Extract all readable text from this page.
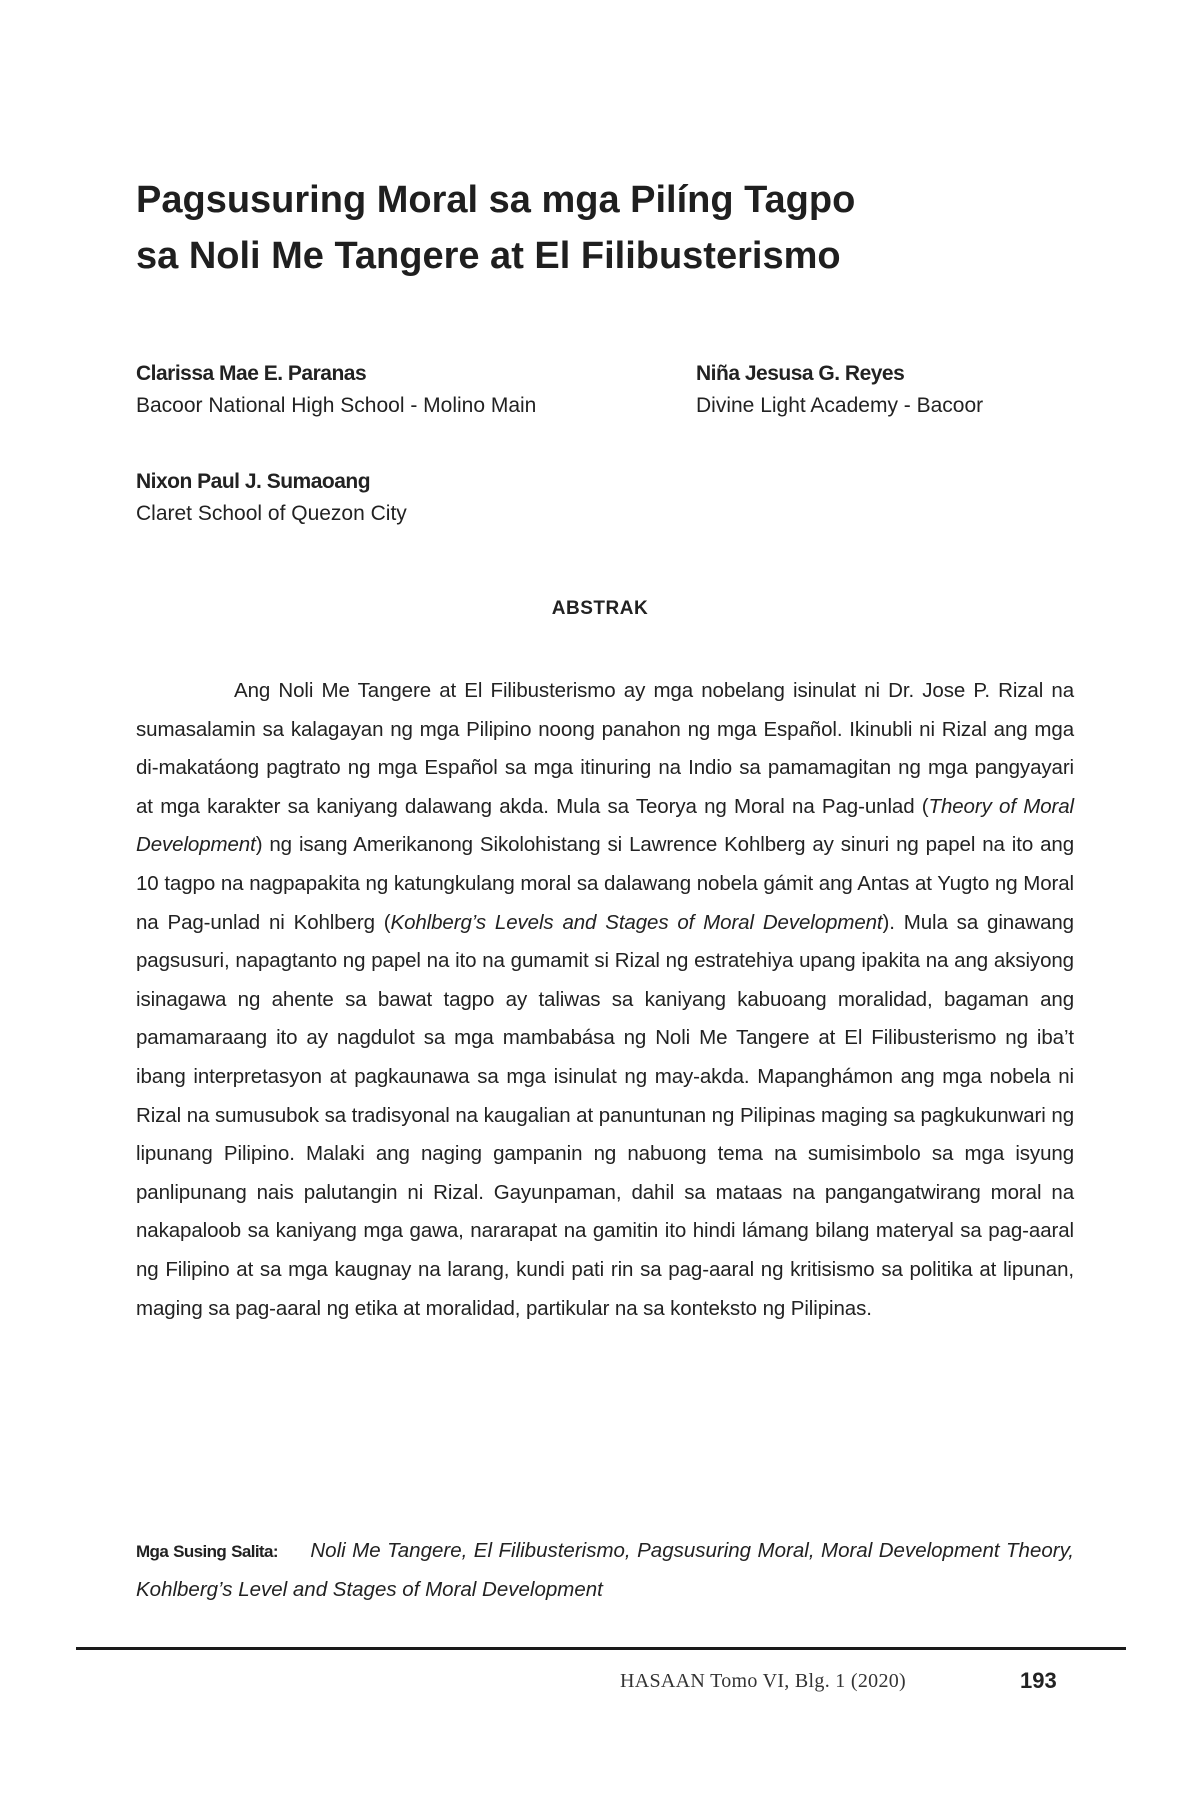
Pagsusuring Moral sa mga Pilíng Tagpo
sa Noli Me Tangere at El Filibusterismo
Clarissa Mae E. Paranas
Bacoor National High School - Molino Main
Niña Jesusa G. Reyes
Divine Light Academy - Bacoor
Nixon Paul J. Sumaoang
Claret School of Quezon City
ABSTRAK

Ang Noli Me Tangere at El Filibusterismo ay mga nobelang isinulat ni Dr. Jose P. Rizal na sumasalamin sa kalagayan ng mga Pilipino noong panahon ng mga Español. Ikinubli ni Rizal ang mga di-makatáong pagtrato ng mga Español sa mga itinuring na Indio sa pamamagitan ng mga pangyayari at mga karakter sa kaniyang dalawang akda. Mula sa Teorya ng Moral na Pag-unlad (Theory of Moral Development) ng isang Amerikanong Sikolohistang si Lawrence Kohlberg ay sinuri ng papel na ito ang 10 tagpo na nagpapakita ng katungkulang moral sa dalawang nobela gámit ang Antas at Yugto ng Moral na Pag-unlad ni Kohlberg (Kohlberg’s Levels and Stages of Moral Development). Mula sa ginawang pagsusuri, napagtanto ng papel na ito na gumamit si Rizal ng estratehiya upang ipakita na ang aksiyong isinagawa ng ahente sa bawat tagpo ay taliwas sa kaniyang kabuoang moralidad, bagaman ang pamamaraang ito ay nagdulot sa mga mambabása ng Noli Me Tangere at El Filibusterismo ng iba’t ibang interpretasyon at pagkaunawa sa mga isinulat ng may-akda. Mapanghámon ang mga nobela ni Rizal na sumusubok sa tradisyonal na kaugalian at panuntunan ng Pilipinas maging sa pagkukunwari ng lipunang Pilipino. Malaki ang naging gampanin ng nabuong tema na sumisimbolo sa mga isyung panlipunang nais palutangin ni Rizal. Gayunpaman, dahil sa mataas na pangangatwirang moral na nakapaloob sa kaniyang mga gawa, nararapat na gamitin ito hindi lámang bilang materyal sa pag-aaral ng Filipino at sa mga kaugnay na larang, kundi pati rin sa pag-aaral ng kritisismo sa politika at lipunan, maging sa pag-aaral ng etika at moralidad, partikular na sa konteksto ng Pilipinas.

Mga Susing Salita: Noli Me Tangere, El Filibusterismo, Pagsusuring Moral, Moral Development Theory, Kohlberg’s Level and Stages of Moral Development
HASAAN Tomo VI, Blg. 1 (2020)	193
